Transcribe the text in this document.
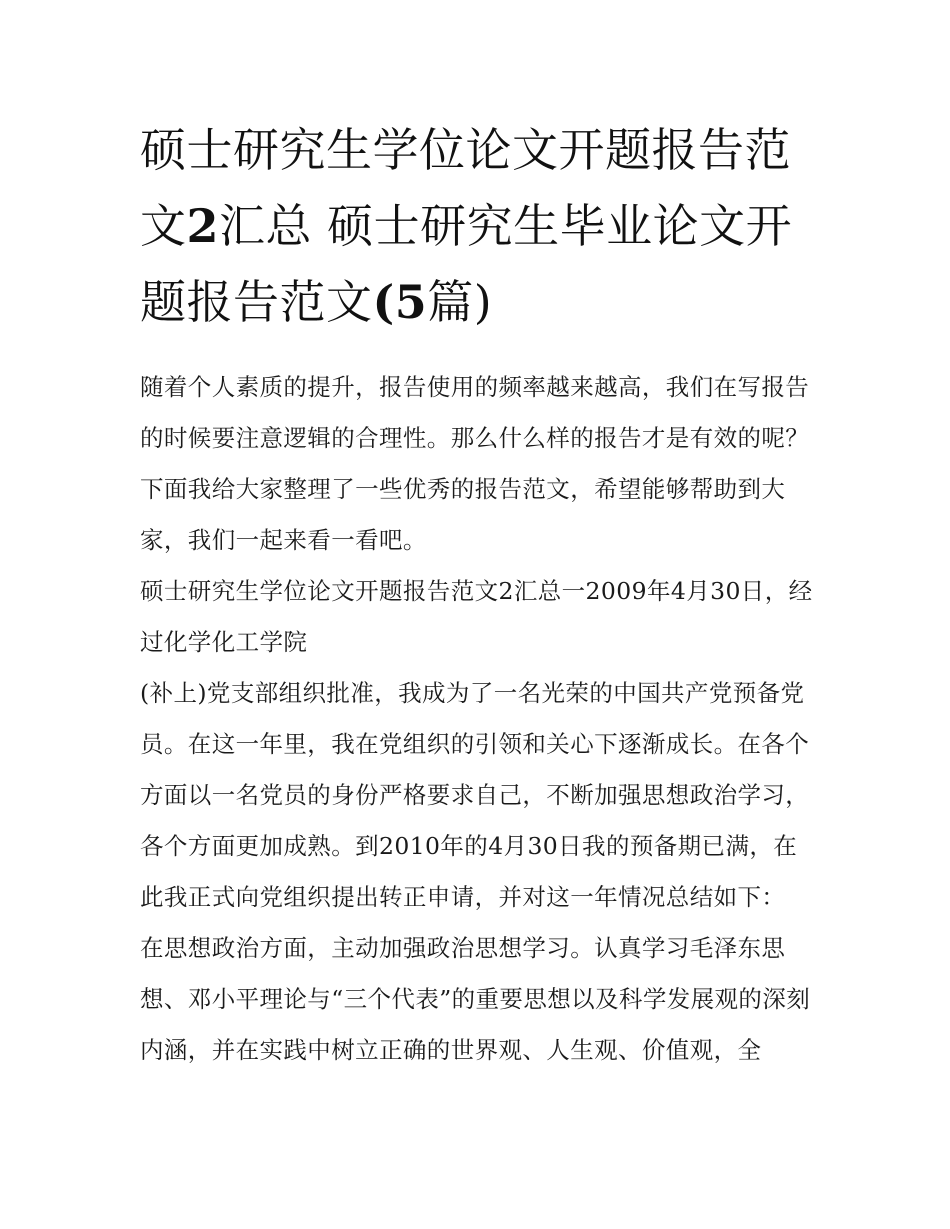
硕士研究生学位论文开题报告范文2汇总 硕士研究生毕业论文开题报告范文(5篇)

随着个人素质的提升，报告使用的频率越来越高，我们在写报告的时候要注意逻辑的合理性。那么什么样的报告才是有效的呢？下面我给大家整理了一些优秀的报告范文，希望能够帮助到大家，我们一起来看一看吧。

硕士研究生学位论文开题报告范文2汇总一2009年4月30日，经过化学化工学院

(补上)党支部组织批准，我成为了一名光荣的中国共产党预备党员。在这一年里，我在党组织的引领和关心下逐渐成长。在各个方面以一名党员的身份严格要求自己，不断加强思想政治学习，各个方面更加成熟。到2010年的4月30日我的预备期已满，在此我正式向党组织提出转正申请，并对这一年情况总结如下：

在思想政治方面，主动加强政治思想学习。认真学习毛泽东思想、邓小平理论与“三个代表”的重要思想以及科学发展观的深刻内涵，并在实践中树立正确的世界观、人生观、价值观，全
